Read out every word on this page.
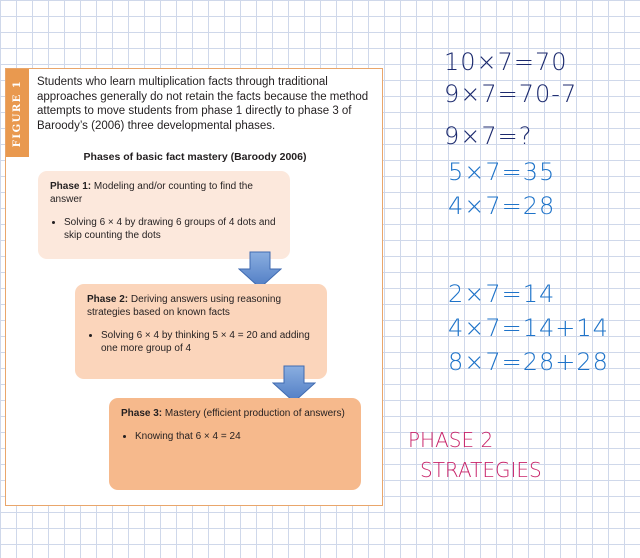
FIGURE 1 Students who learn multiplication facts through traditional approaches generally do not retain the facts because the method attempts to move students from phase 1 directly to phase 3 of Baroody’s (2006) three developmental phases.
Phases of basic fact mastery (Baroody 2006)
Phase 1: Modeling and/or counting to find the answer
• Solving 6 × 4 by drawing 6 groups of 4 dots and skip counting the dots
Phase 2: Deriving answers using reasoning strategies based on known facts
• Solving 6 × 4 by thinking 5 × 4 = 20 and adding one more group of 4
Phase 3: Mastery (efficient production of answers)
• Knowing that 6 × 4 = 24
10×7=70
9×7=70-7
9×7=?
5×7=35
4×7=28
2×7=14
4×7=14+14
8×7=28+28
PHASE 2
STRATEGIES
